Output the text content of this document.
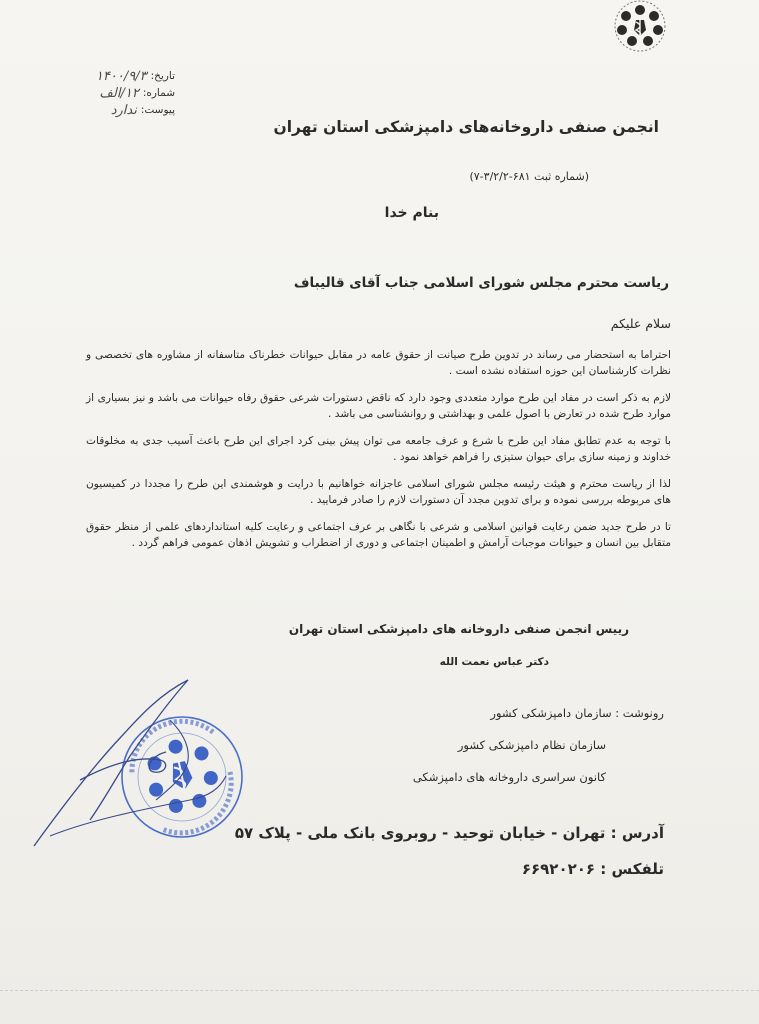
تاریخ:
۱۴۰۰/۹/۳
شماره:
۱۲/الف
پیوست:
ندارد
انجمن صنفی داروخانه‌های دامپزشکی استان تهران
(شماره ثبت ۶۸۱-۳/۲/۲-۷)
بنام خدا
ریاست محترم مجلس شورای اسلامی جناب آقای قالیباف
سلام علیکم

احتراما به استحضار می رساند در تدوین طرح صیانت از حقوق عامه در مقابل حیوانات خطرناک متاسفانه از مشاوره های تخصصی و نظرات کارشناسان این حوزه استفاده نشده است .

لازم به ذکر است در مفاد این طرح موارد متعددی وجود دارد که ناقض دستورات شرعی حقوق رفاه حیوانات می باشد و نیز بسیاری از موارد طرح شده در تعارض با اصول علمی و بهداشتی و روانشناسی می باشد .

با توجه به عدم تطابق مفاد این طرح با شرع و عرف جامعه می توان پیش بینی کرد اجرای این طرح باعث آسیب جدی به مخلوقات خداوند و زمینه سازی برای حیوان ستیزی را فراهم خواهد نمود .

لذا از ریاست محترم و هیئت رئیسه مجلس شورای اسلامی عاجزانه خواهانیم با درایت و هوشمندی این طرح را مجددا در کمیسیون های مربوطه بررسی نموده و برای تدوین مجدد آن دستورات لازم را صادر فرمایید .

تا در طرح جدید ضمن رعایت قوانین اسلامی و شرعی با نگاهی بر عرف اجتماعی و رعایت کلیه استانداردهای علمی از منظر حقوق متقابل بین انسان و حیوانات موجبات آرامش و اطمینان اجتماعی و دوری از اضطراب و تشویش اذهان عمومی فراهم گردد .

رییس انجمن صنفی داروخانه های دامپزشکی استان تهران
دکتر عباس نعمت الله
رونوشت : سازمان دامپزشکی کشور
سازمان نظام دامپزشکی کشور
کانون سراسری داروخانه های دامپزشکی
آدرس : تهران - خیابان توحید - روبروی بانک ملی - پلاک ۵۷
تلفکس : ۶۶۹۲۰۲۰۶
